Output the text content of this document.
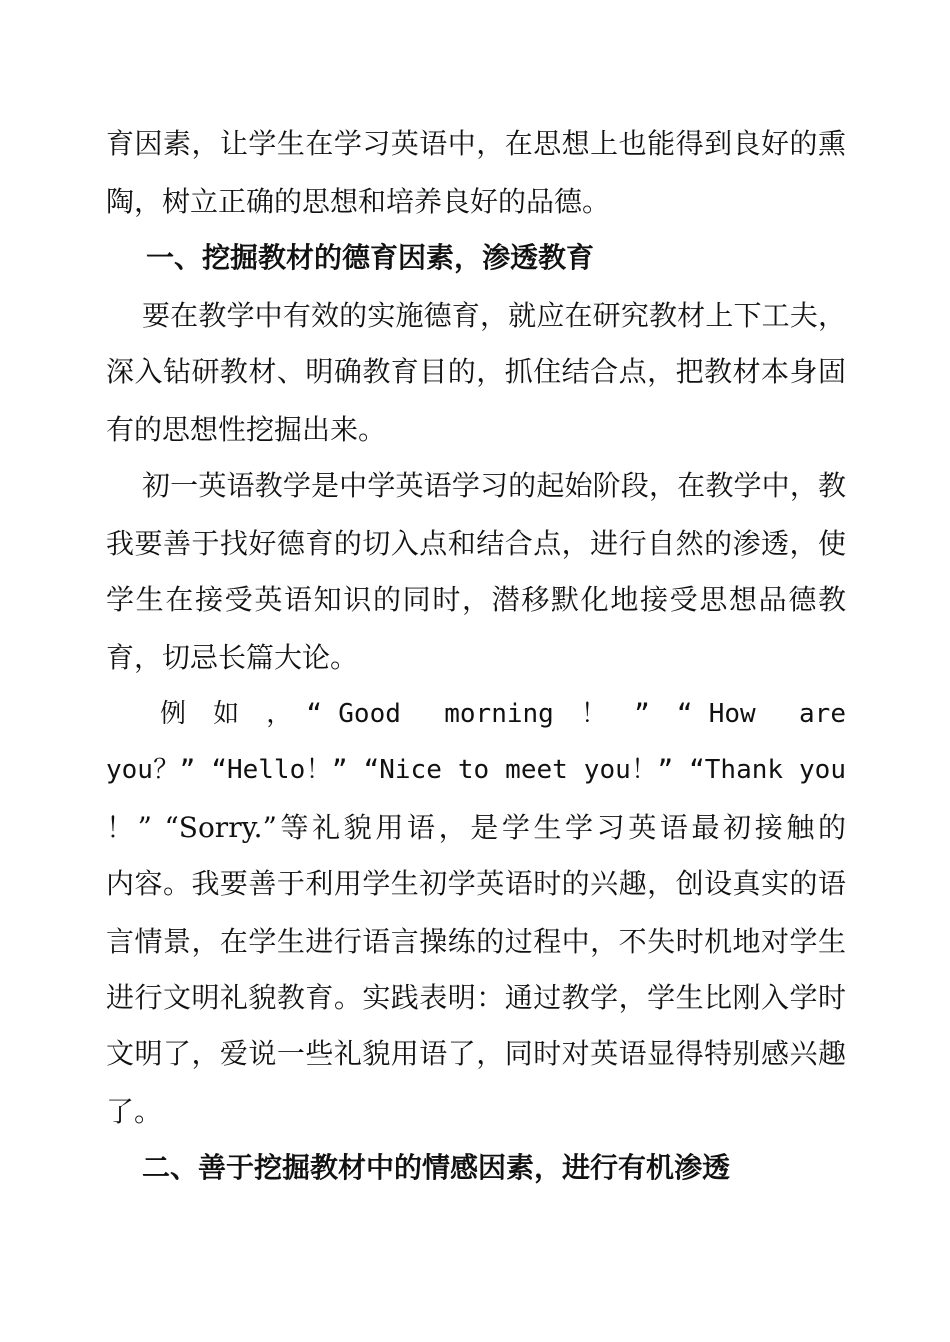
育因素，让学生在学习英语中，在思想上也能得到良好的熏
陶，树立正确的思想和培养良好的品德。
一、挖掘教材的德育因素，渗透教育
要在教学中有效的实施德育，就应在研究教材上下工夫，
深入钻研教材、明确教育目的，抓住结合点，把教材本身固
有的思想性挖掘出来。
初一英语教学是中学英语学习的起始阶段，在教学中，教
我要善于找好德育的切入点和结合点，进行自然的渗透，使
学生在接受英语知识的同时，潜移默化地接受思想品德教
育，切忌长篇大论。
例　如　，　“ Good　 morning　！　”　“ How　 are
you？” “Hello！” “Nice to meet you！” “Thank you
！” “Sorry.”等礼貌用语，是学生学习英语最初接触的
内容。我要善于利用学生初学英语时的兴趣，创设真实的语
言情景，在学生进行语言操练的过程中，不失时机地对学生
进行文明礼貌教育。实践表明：通过教学，学生比刚入学时
文明了，爱说一些礼貌用语了，同时对英语显得特别感兴趣
了。
二、善于挖掘教材中的情感因素，进行有机渗透
